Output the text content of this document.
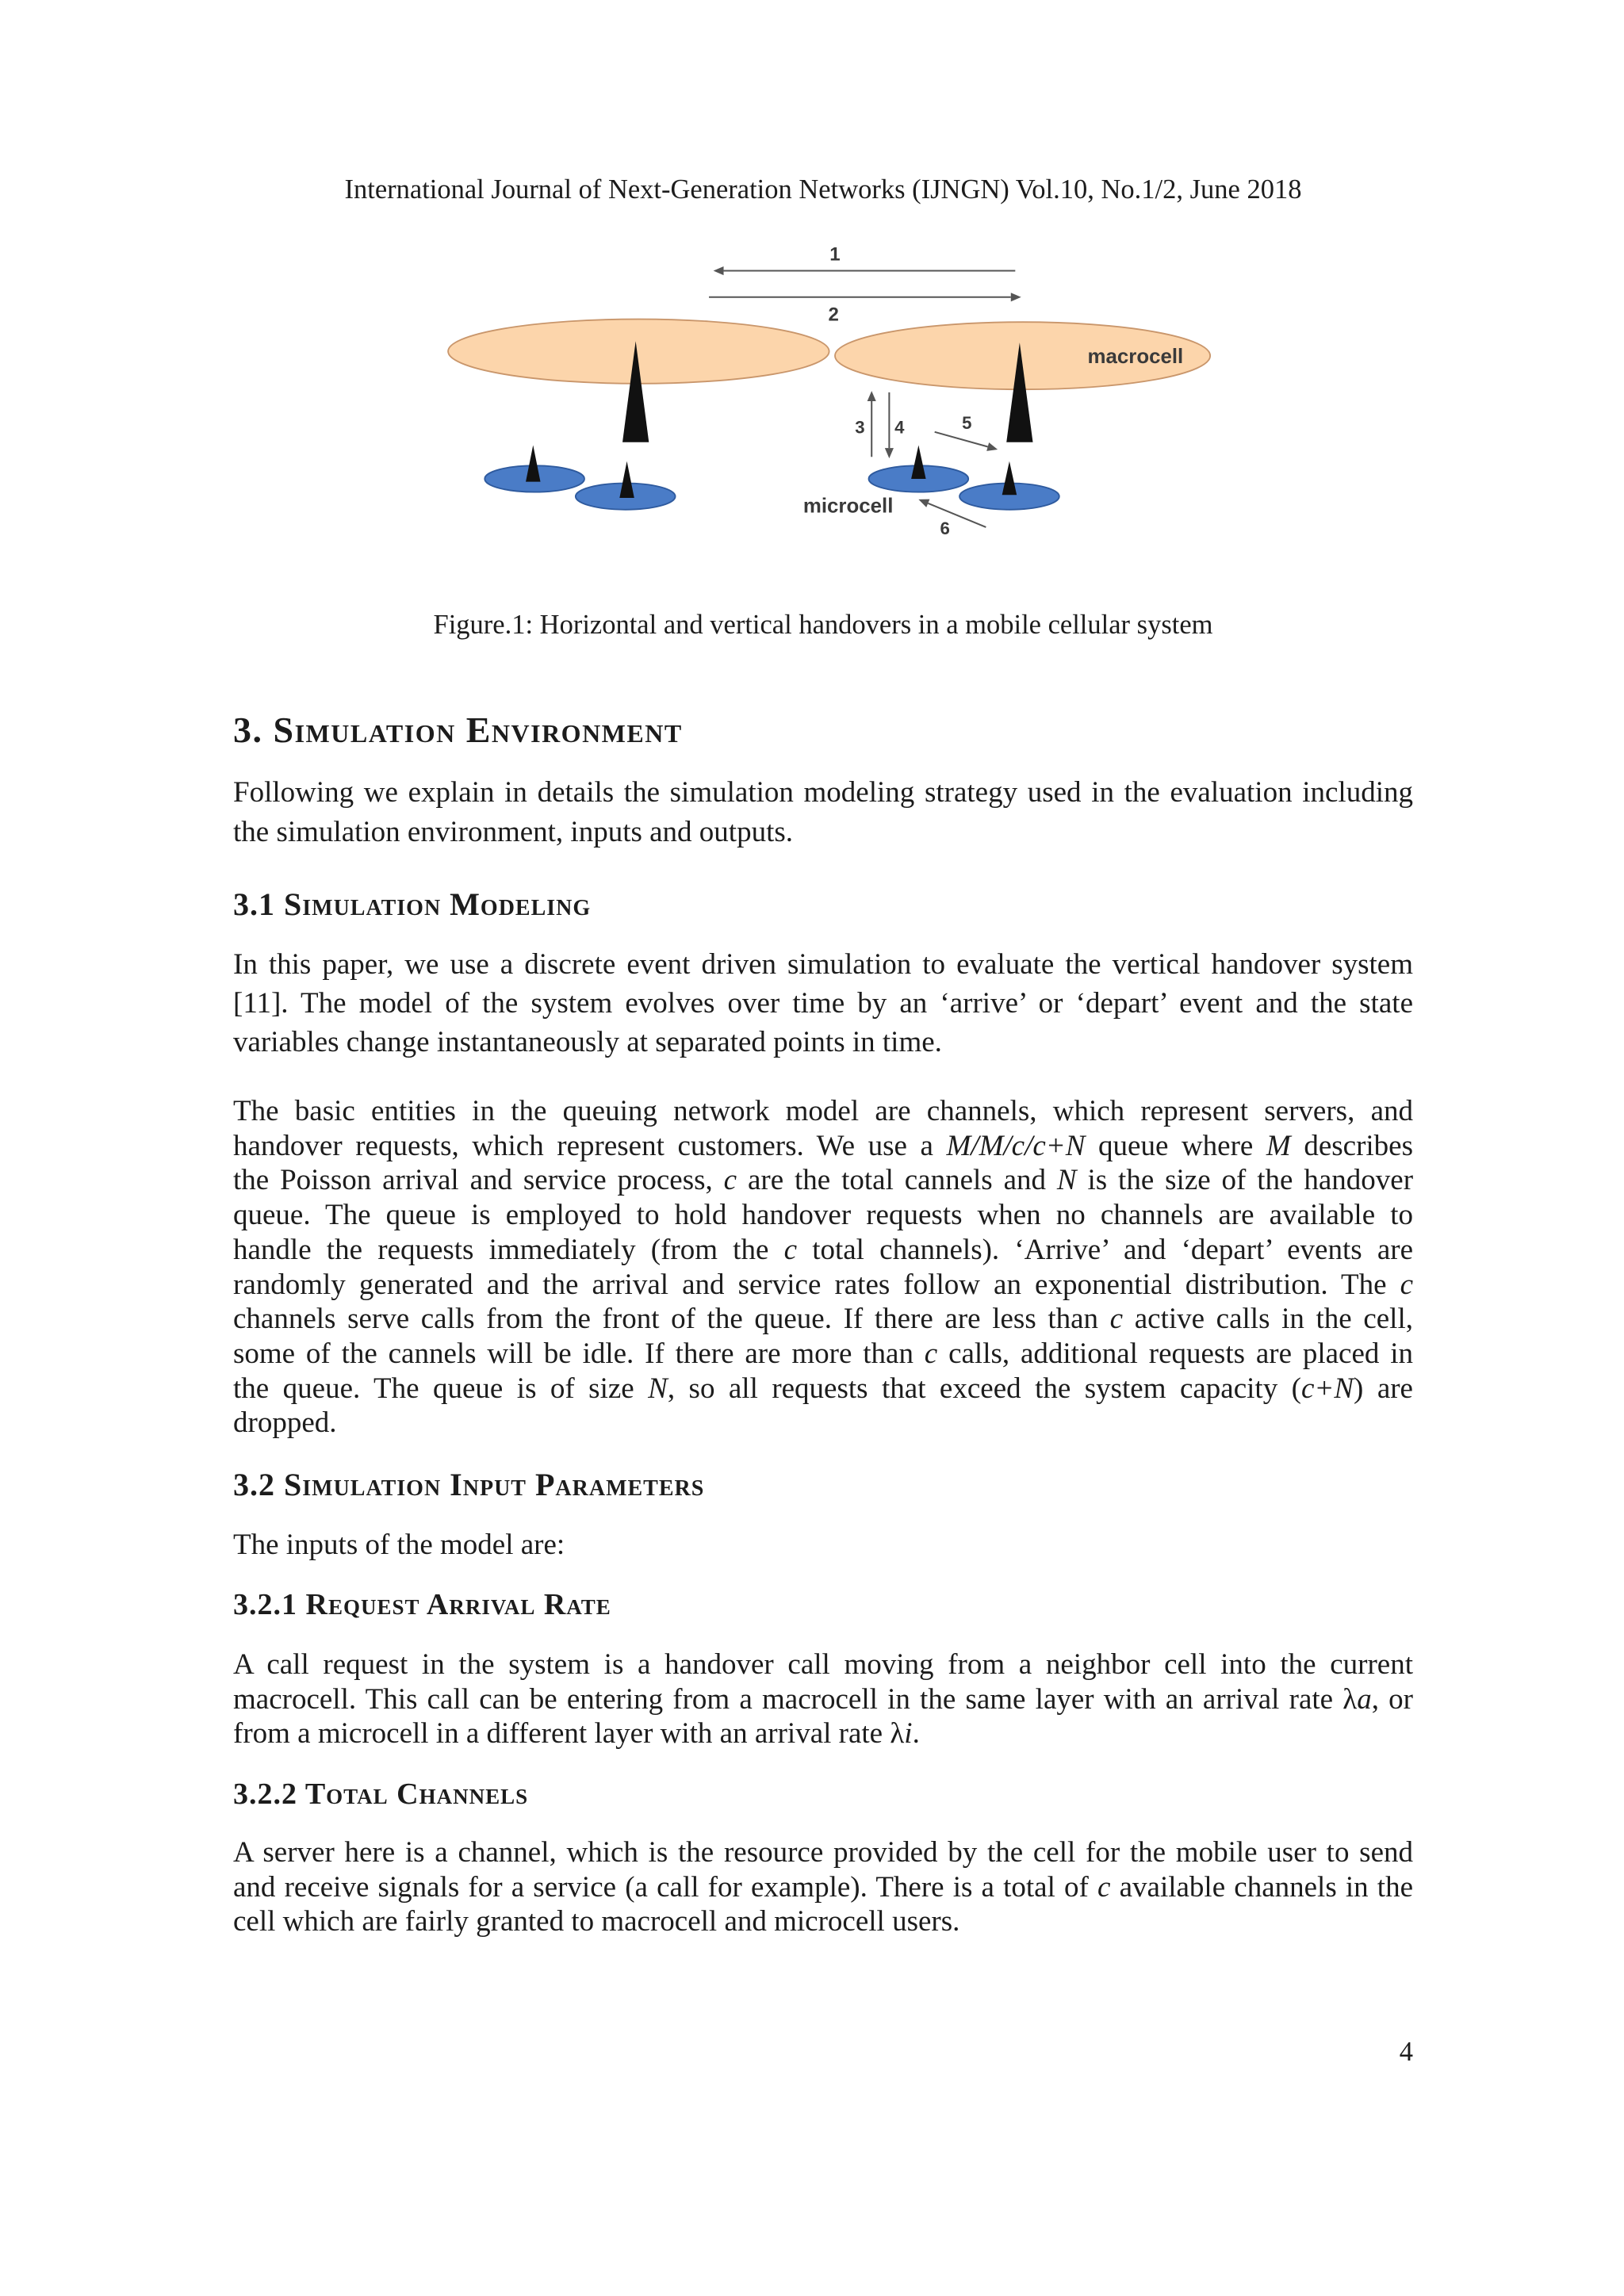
International Journal of Next-Generation Networks (IJNGN) Vol.10, No.1/2, June 2018
1
2
macrocell
3	4	5
6
microcell
Figure.1: Horizontal and vertical handovers in a mobile cellular system
3. Simulation Environment
Following we explain in details the simulation modeling strategy used in the evaluation including
the simulation environment, inputs and outputs.
3.1 Simulation Modeling
In this paper, we use a discrete event driven simulation to evaluate the vertical handover system
[11]. The model of the system evolves over time by an ‘arrive’ or ‘depart’ event and the state
variables change instantaneously at separated points in time.
The basic entities in the queuing network model are channels, which represent servers, and
handover requests, which represent customers. We use a M/M/c/c+N queue where M describes
the Poisson arrival and service process, c are the total cannels and N is the size of the handover
queue. The queue is employed to hold handover requests when no channels are available to
handle the requests immediately (from the c total channels). ‘Arrive’ and ‘depart’ events are
randomly generated and the arrival and service rates follow an exponential distribution. The c
channels serve calls from the front of the queue. If there are less than c active calls in the cell,
some of the cannels will be idle. If there are more than c calls, additional requests are placed in
the queue. The queue is of size N, so all requests that exceed the system capacity (c+N) are
dropped.
3.2 Simulation Input Parameters
The inputs of the model are:
3.2.1 Request Arrival Rate
A call request in the system is a handover call moving from a neighbor cell into the current
macrocell. This call can be entering from a macrocell in the same layer with an arrival rate λa, or
from a microcell in a different layer with an arrival rate λi.
3.2.2 Total Channels
A server here is a channel, which is the resource provided by the cell for the mobile user to send
and receive signals for a service (a call for example). There is a total of c available channels in the
cell which are fairly granted to macrocell and microcell users.
4
